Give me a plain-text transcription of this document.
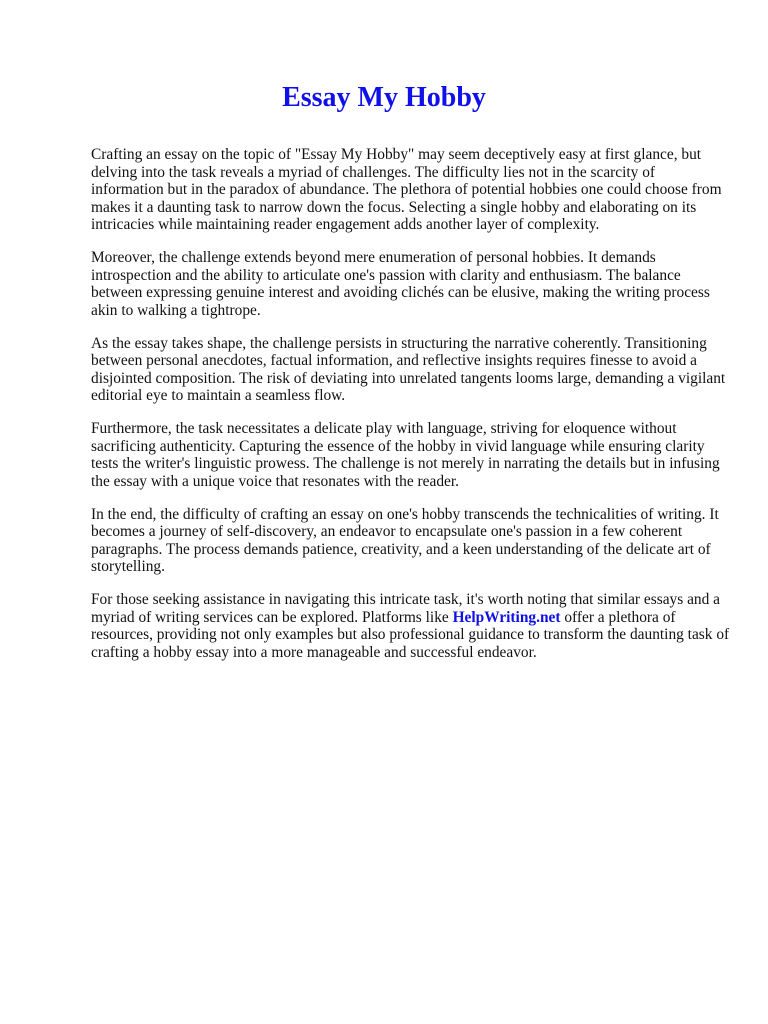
Essay My Hobby

Crafting an essay on the topic of "Essay My Hobby" may seem deceptively easy at first glance, but delving into the task reveals a myriad of challenges. The difficulty lies not in the scarcity of information but in the paradox of abundance. The plethora of potential hobbies one could choose from makes it a daunting task to narrow down the focus. Selecting a single hobby and elaborating on its intricacies while maintaining reader engagement adds another layer of complexity.

Moreover, the challenge extends beyond mere enumeration of personal hobbies. It demands introspection and the ability to articulate one's passion with clarity and enthusiasm. The balance between expressing genuine interest and avoiding clichés can be elusive, making the writing process akin to walking a tightrope.

As the essay takes shape, the challenge persists in structuring the narrative coherently. Transitioning between personal anecdotes, factual information, and reflective insights requires finesse to avoid a disjointed composition. The risk of deviating into unrelated tangents looms large, demanding a vigilant editorial eye to maintain a seamless flow.

Furthermore, the task necessitates a delicate play with language, striving for eloquence without sacrificing authenticity. Capturing the essence of the hobby in vivid language while ensuring clarity tests the writer's linguistic prowess. The challenge is not merely in narrating the details but in infusing the essay with a unique voice that resonates with the reader.

In the end, the difficulty of crafting an essay on one's hobby transcends the technicalities of writing. It becomes a journey of self-discovery, an endeavor to encapsulate one's passion in a few coherent paragraphs. The process demands patience, creativity, and a keen understanding of the delicate art of storytelling.

For those seeking assistance in navigating this intricate task, it's worth noting that similar essays and a myriad of writing services can be explored. Platforms like HelpWriting.net offer a plethora of resources, providing not only examples but also professional guidance to transform the daunting task of crafting a hobby essay into a more manageable and successful endeavor.
